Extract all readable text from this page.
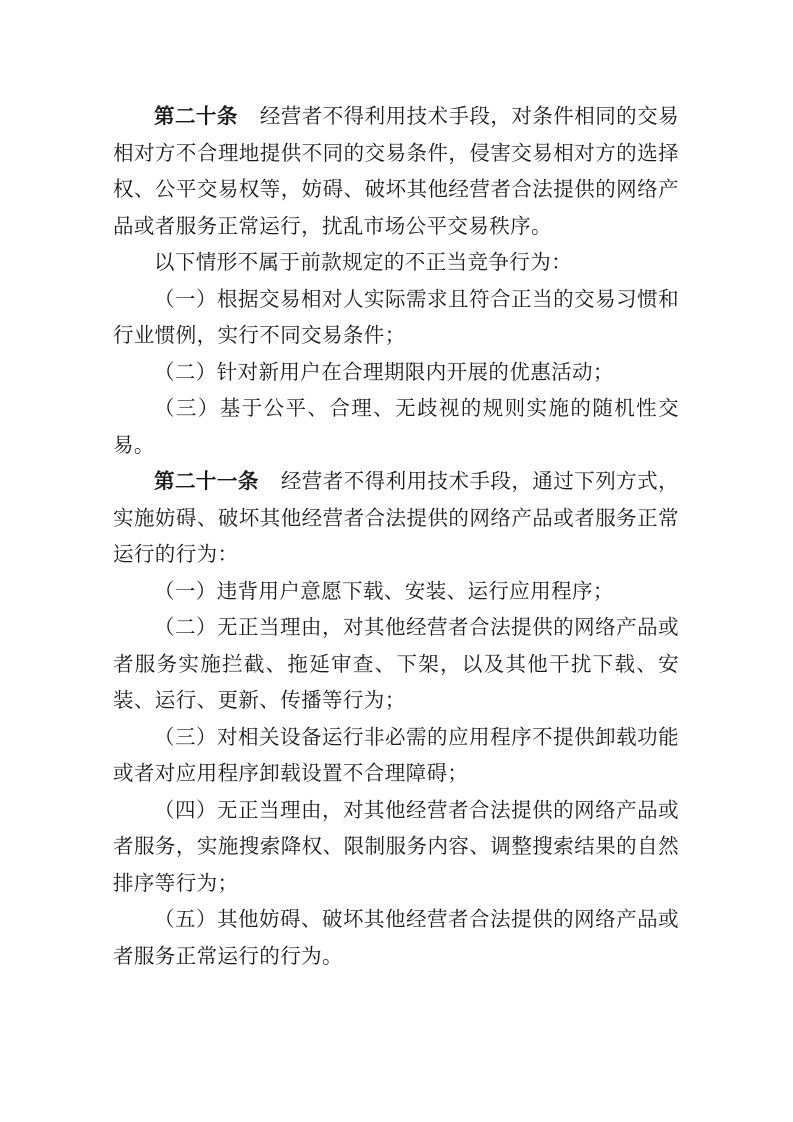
第二十条 经营者不得利用技术手段，对条件相同的交易相对方不合理地提供不同的交易条件，侵害交易相对方的选择权、公平交易权等，妨碍、破坏其他经营者合法提供的网络产品或者服务正常运行，扰乱市场公平交易秩序。

以下情形不属于前款规定的不正当竞争行为：

（一）根据交易相对人实际需求且符合正当的交易习惯和行业惯例，实行不同交易条件；

（二）针对新用户在合理期限内开展的优惠活动；

（三）基于公平、合理、无歧视的规则实施的随机性交易。

第二十一条 经营者不得利用技术手段，通过下列方式，实施妨碍、破坏其他经营者合法提供的网络产品或者服务正常运行的行为：

（一）违背用户意愿下载、安装、运行应用程序；

（二）无正当理由，对其他经营者合法提供的网络产品或者服务实施拦截、拖延审查、下架，以及其他干扰下载、安装、运行、更新、传播等行为；

（三）对相关设备运行非必需的应用程序不提供卸载功能或者对应用程序卸载设置不合理障碍；

（四）无正当理由，对其他经营者合法提供的网络产品或者服务，实施搜索降权、限制服务内容、调整搜索结果的自然排序等行为；

（五）其他妨碍、破坏其他经营者合法提供的网络产品或者服务正常运行的行为。
